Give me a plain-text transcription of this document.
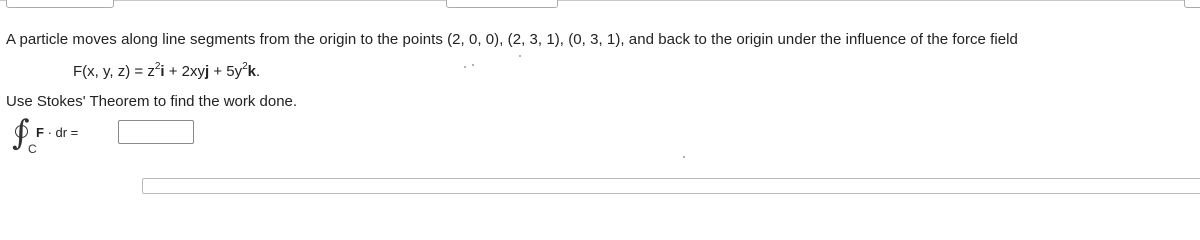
A particle moves along line segments from the origin to the points (2, 0, 0), (2, 3, 1), (0, 3, 1), and back to the origin under the influence of the force field
F(x, y, $z) = z^2i + 2xyj + 5y^2k$.
Use Stokes' Theorem to find the work done.
∫
C
F · dr =
